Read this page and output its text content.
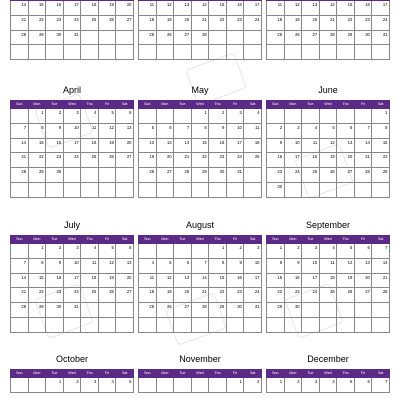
14	15	16	17	18	19	20
21	22	23	24	25	26	27
28	29	30	31			

11	12	13	14	15	16	17
18	19	20	21	22	23	24
25	26	27	28			

11	12	13	14	15	16	17
18	19	20	21	22	23	24
25	26	27	28	29	30	31

April
Sun	Mon	Tue	Wed	Thu	Fri	Sat
	1	2	3	4	5	6
7	8	9	10	11	12	13
14	15	16	17	18	19	20
21	22	23	24	25	26	27
28	29	30				

May
Sun	Mon	Tue	Wed	Thu	Fri	Sat
			1	2	3	4
5	6	7	8	9	10	11
12	13	14	15	16	17	18
19	20	21	22	23	24	25
26	27	28	29	30	31	

June
Sun	Mon	Tue	Wed	Thu	Fri	Sat
						1
2	3	4	5	6	7	8
9	10	11	12	13	14	15
16	17	18	19	20	21	22
23	24	25	26	27	28	29
30						
July
Sun	Mon	Tue	Wed	Thu	Fri	Sat
	1	2	3	4	5	6
7	8	9	10	11	12	13
14	15	16	17	18	19	20
21	22	23	24	25	26	27
28	29	30	31			

August
Sun	Mon	Tue	Wed	Thu	Fri	Sat
				1	2	3
4	5	6	7	8	9	10
11	12	13	14	15	16	17
18	19	20	21	22	23	24
25	26	27	28	29	30	31

September
Sun	Mon	Tue	Wed	Thu	Fri	Sat
1	2	3	4	5	6	7
8	9	10	11	12	13	14
15	16	17	18	19	20	21
22	23	24	25	26	27	28
29	30					

October
Sun	Mon	Tue	Wed	Thu	Fri	Sat
		1	2	3	4	5
November
Sun	Mon	Tue	Wed	Thu	Fri	Sat
					1	2
December
Sun	Mon	Tue	Wed	Thu	Fri	Sat
1	2	3	4	5	6	7
